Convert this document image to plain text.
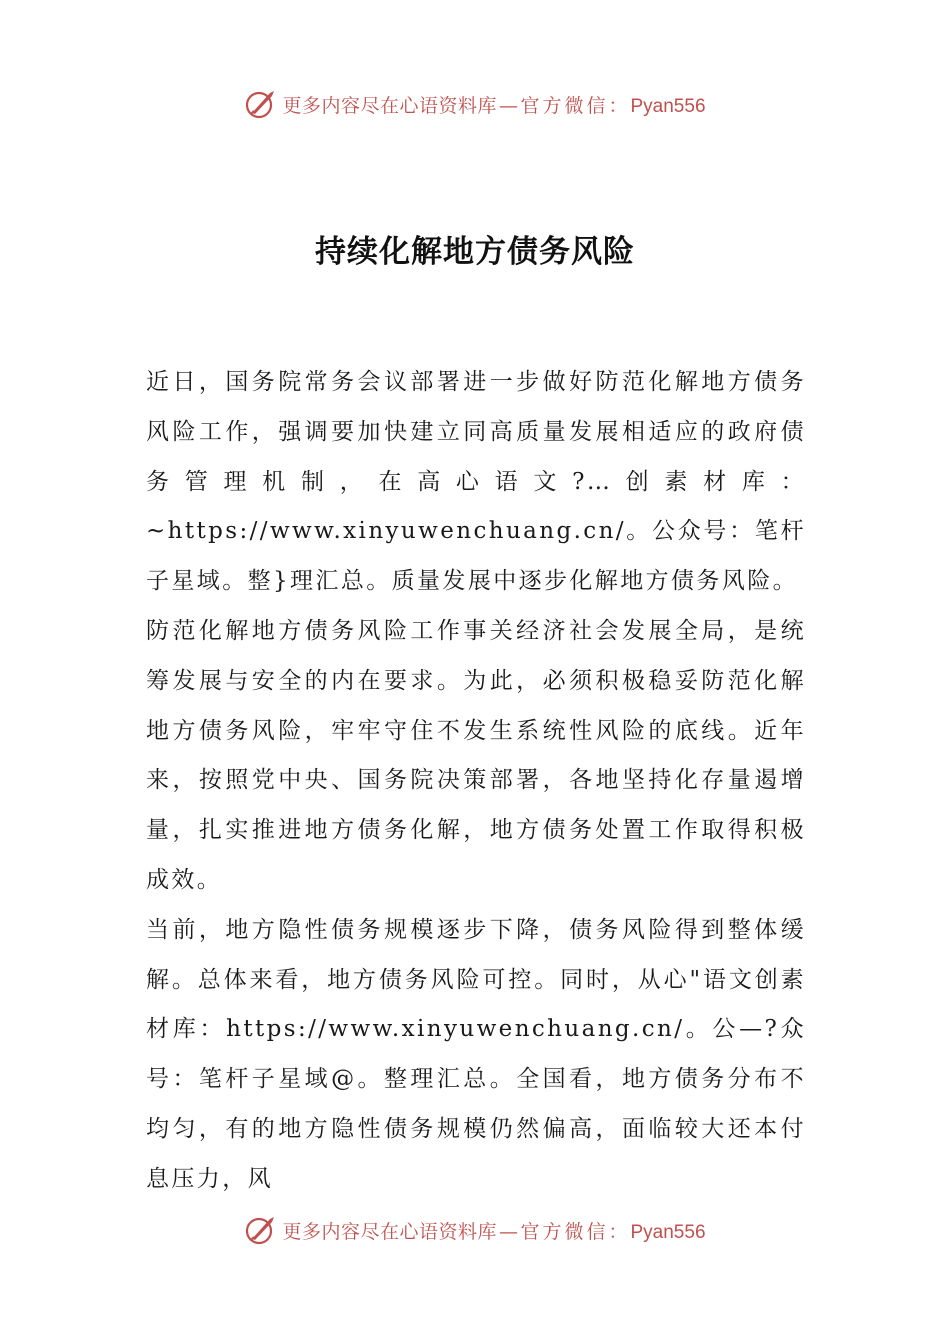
更多内容尽在心语资料库 — 官方微信：Pyan556
持续化解地方债务风险

近日，国务院常务会议部署进一步做好防范化解地方债务风险工作，强调要加快建立同高质量发展相适应的政府债务管理机制，在高心语文?…创素材库：~https://www.xinyuwenchuang.cn/。公众号：笔杆子星域。整}理汇总。质量发展中逐步化解地方债务风险。

防范化解地方债务风险工作事关经济社会发展全局，是统筹发展与安全的内在要求。为此，必须积极稳妥防范化解地方债务风险，牢牢守住不发生系统性风险的底线。近年来，按照党中央、国务院决策部署，各地坚持化存量遏增量，扎实推进地方债务化解，地方债务处置工作取得积极成效。

当前，地方隐性债务规模逐步下降，债务风险得到整体缓解。总体来看，地方债务风险可控。同时，从心"语文创素材库：https://www.xinyuwenchuang.cn/。公—?众号：笔杆子星域@。整理汇总。全国看，地方债务分布不均匀，有的地方隐性债务规模仍然偏高，面临较大还本付息压力，风

更多内容尽在心语资料库 — 官方微信：Pyan556
